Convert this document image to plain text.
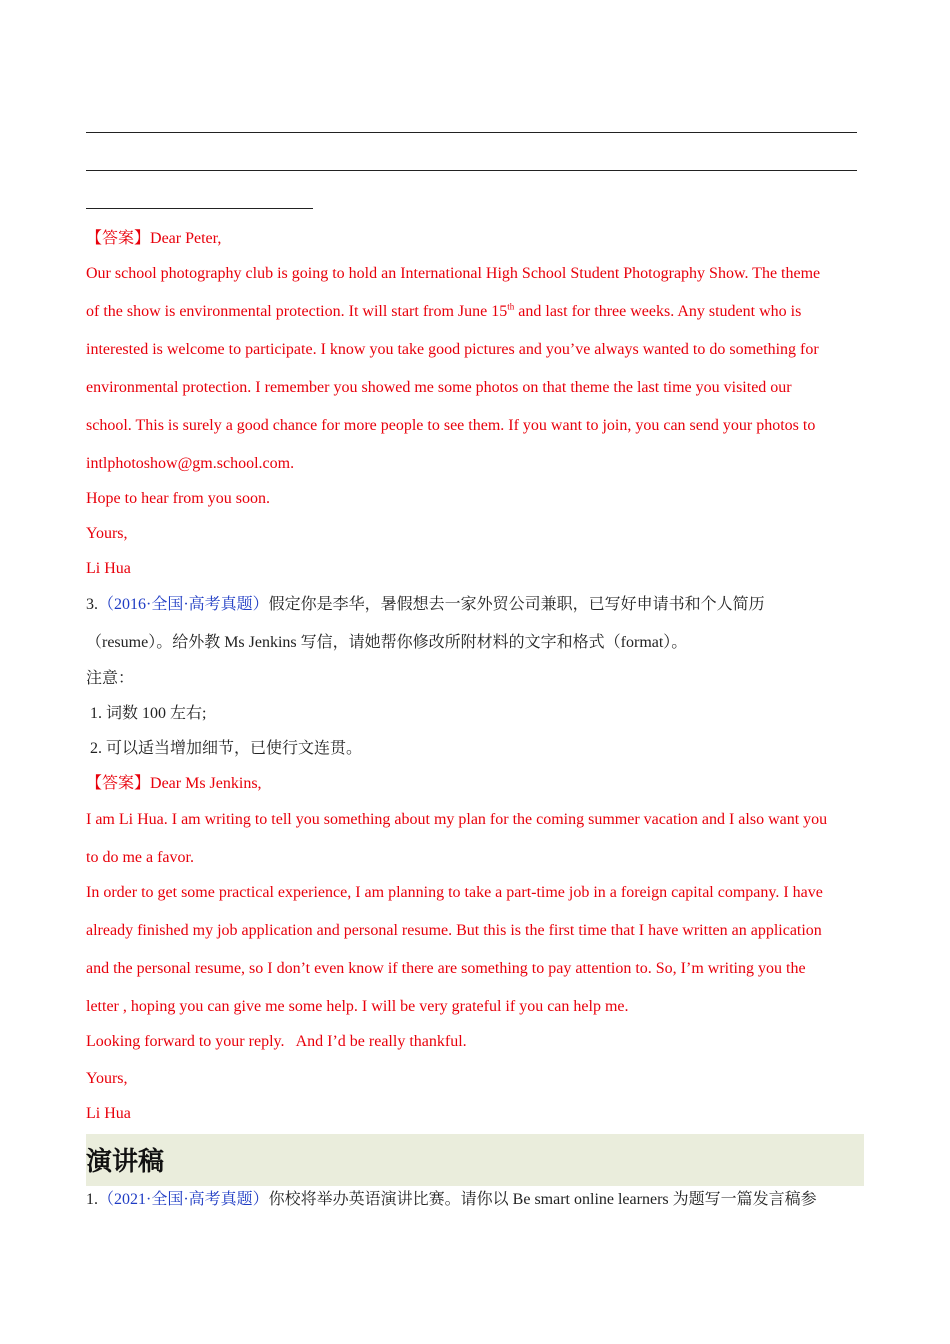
【答案】Dear Peter,
Our school photography club is going to hold an International High School Student Photography Show. The theme
of the show is environmental protection. It will start from June 15th and last for three weeks. Any student who is
interested is welcome to participate. I know you take good pictures and you’ve always wanted to do something for
environmental protection. I remember you showed me some photos on that theme the last time you visited our
school. This is surely a good chance for more people to see them. If you want to join, you can send your photos to
intlphotoshow@gm.school.com.
Hope to hear from you soon.
Yours,
Li Hua
3.（2016·全国·高考真题）假定你是李华，暑假想去一家外贸公司兼职，已写好申请书和个人简历
（resume）。给外教 Ms Jenkins 写信，请她帮你修改所附材料的文字和格式（format）。
注意：
1. 词数 100 左右;
2. 可以适当增加细节，已使行文连贯。
【答案】Dear Ms Jenkins,
I am Li Hua. I am writing to tell you something about my plan for the coming summer vacation and I also want you
to do me a favor.
In order to get some practical experience, I am planning to take a part-time job in a foreign capital company. I have
already finished my job application and personal resume. But this is the first time that I have written an application
and the personal resume, so I don’t even know if there are something to pay attention to. So, I’m writing you the
letter , hoping you can give me some help. I will be very grateful if you can help me.
Looking forward to your reply.   And I’d be really thankful.
Yours,
Li Hua
演讲稿
1.（2021·全国·高考真题）你校将举办英语演讲比赛。请你以 Be smart online learners 为题写一篇发言稿参
